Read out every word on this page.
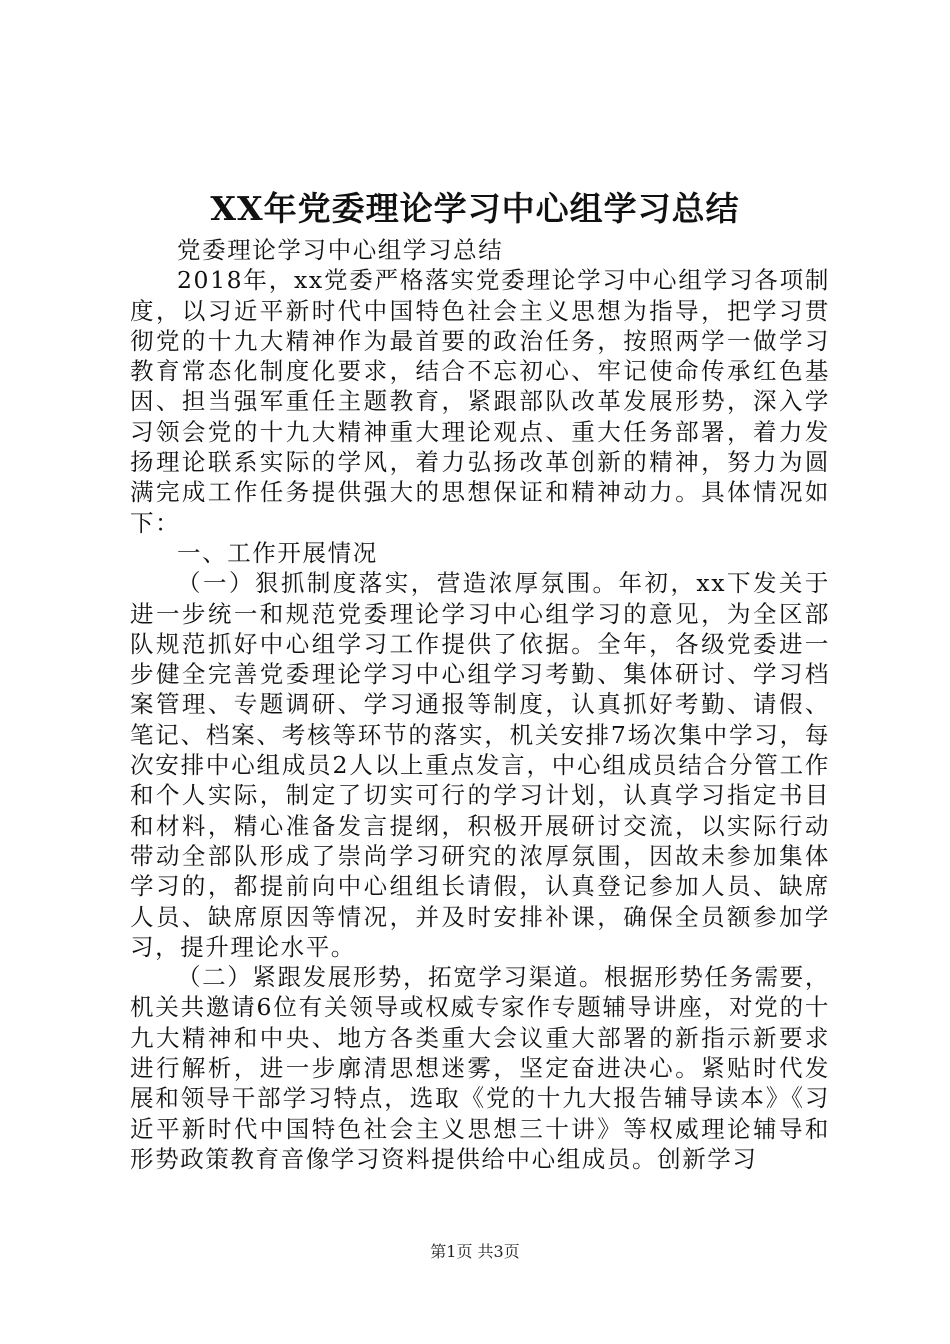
XX年党委理论学习中心组学习总结

党委理论学习中心组学习总结

2018年，xx党委严格落实党委理论学习中心组学习各项制度，以习近平新时代中国特色社会主义思想为指导，把学习贯彻党的十九大精神作为最首要的政治任务，按照两学一做学习教育常态化制度化要求，结合不忘初心、牢记使命传承红色基因、担当强军重任主题教育，紧跟部队改革发展形势，深入学习领会党的十九大精神重大理论观点、重大任务部署，着力发扬理论联系实际的学风，着力弘扬改革创新的精神，努力为圆满完成工作任务提供强大的思想保证和精神动力。具体情况如下：

一、工作开展情况

（一）狠抓制度落实，营造浓厚氛围。年初，xx下发关于进一步统一和规范党委理论学习中心组学习的意见，为全区部队规范抓好中心组学习工作提供了依据。全年，各级党委进一步健全完善党委理论学习中心组学习考勤、集体研讨、学习档案管理、专题调研、学习通报等制度，认真抓好考勤、请假、笔记、档案、考核等环节的落实，机关安排7场次集中学习，每次安排中心组成员2人以上重点发言，中心组成员结合分管工作和个人实际，制定了切实可行的学习计划，认真学习指定书目和材料，精心准备发言提纲，积极开展研讨交流，以实际行动带动全部队形成了崇尚学习研究的浓厚氛围，因故未参加集体学习的，都提前向中心组组长请假，认真登记参加人员、缺席人员、缺席原因等情况，并及时安排补课，确保全员额参加学习，提升理论水平。

（二）紧跟发展形势，拓宽学习渠道。根据形势任务需要，机关共邀请6位有关领导或权威专家作专题辅导讲座，对党的十九大精神和中央、地方各类重大会议重大部署的新指示新要求进行解析，进一步廓清思想迷雾，坚定奋进决心。紧贴时代发展和领导干部学习特点，选取《党的十九大报告辅导读本》《习近平新时代中国特色社会主义思想三十讲》等权威理论辅导和形势政策教育音像学习资料提供给中心组成员。创新学习

第1页 共3页
